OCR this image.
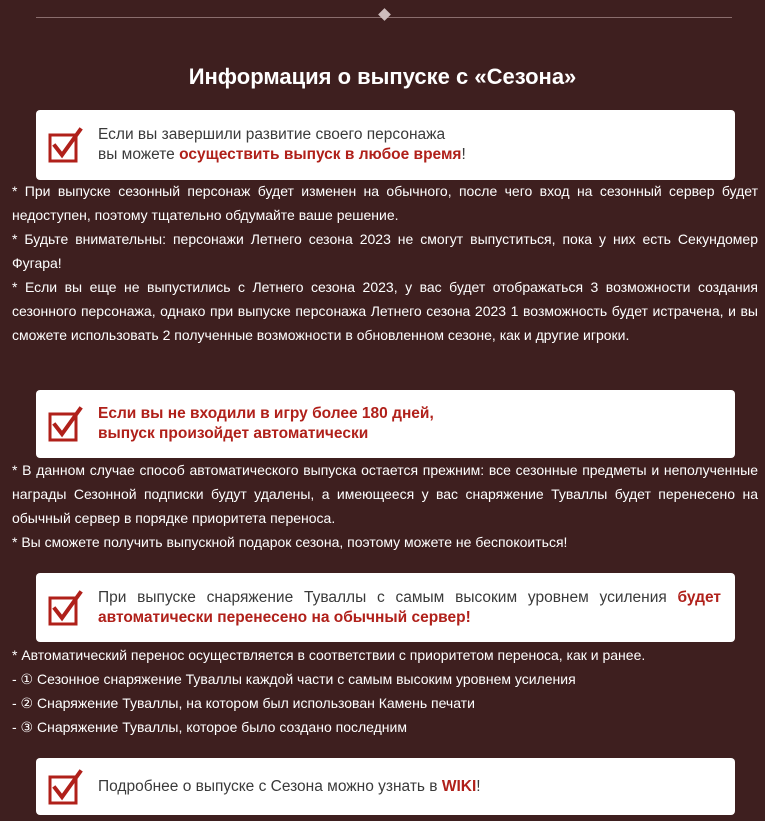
Информация о выпуске с «Сезона»
Если вы завершили развитие своего персонажа
вы можете осуществить выпуск в любое время!

* При выпуске сезонный персонаж будет изменен на обычного, после чего вход на сезонный сервер будет недоступен, поэтому тщательно обдумайте ваше решение.

* Будьте внимательны: персонажи Летнего сезона 2023 не смогут выпуститься, пока у них есть Секундомер Фугара!

* Если вы еще не выпустились с Летнего сезона 2023, у вас будет отображаться 3 возможности создания сезонного персонажа, однако при выпуске персонажа Летнего сезона 2023 1 возможность будет истрачена, и вы сможете использовать 2 полученные возможности в обновленном сезоне, как и другие игроки.

Если вы не входили в игру более 180 дней,
выпуск произойдет автоматически

* В данном случае способ автоматического выпуска остается прежним: все сезонные предметы и неполученные награды Сезонной подписки будут удалены, а имеющееся у вас снаряжение Туваллы будет перенесено на обычный сервер в порядке приоритета переноса.

* Вы сможете получить выпускной подарок сезона, поэтому можете не беспокоиться!

При выпуске снаряжение Туваллы с самым высоким уровнем усиления будет автоматически перенесено на обычный сервер!

* Автоматический перенос осуществляется в соответствии с приоритетом переноса, как и ранее.

- ① Сезонное снаряжение Туваллы каждой части с самым высоким уровнем усиления

- ② Снаряжение Туваллы, на котором был использован Камень печати

- ③ Снаряжение Туваллы, которое было создано последним

Подробнее о выпуске с Сезона можно узнать в WIKI!
